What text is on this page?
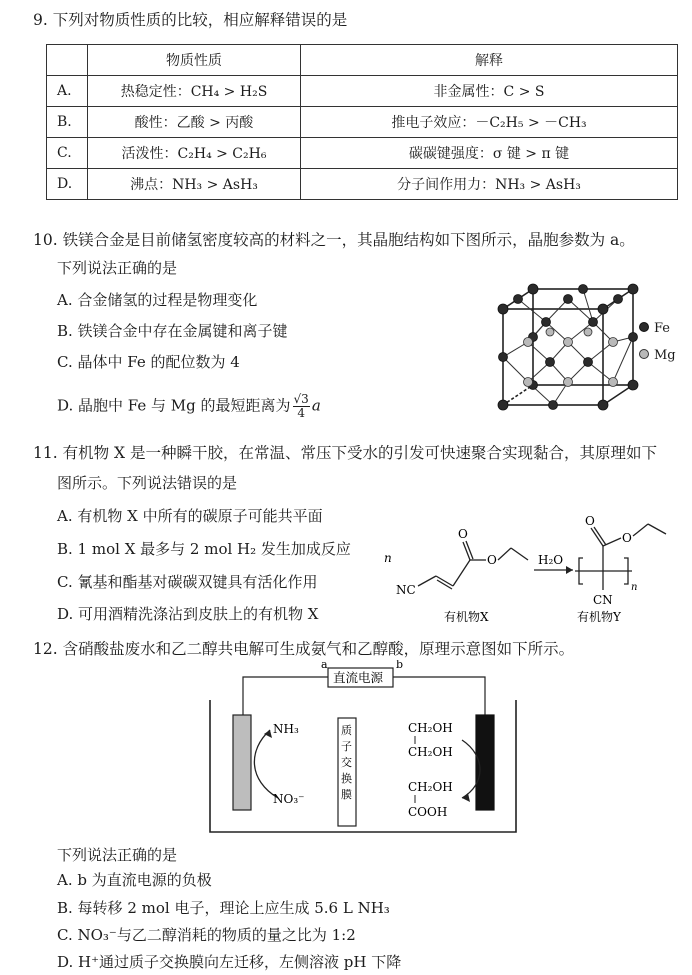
9. 下列对物质性质的比较，相应解释错误的是
	物质性质	解释
A.	热稳定性：CH₄ > H₂S	非金属性：C > S
B.	酸性：乙酸 > 丙酸	推电子效应：－C₂H₅ > －CH₃
C.	活泼性：C₂H₄ > C₂H₆	碳碳键强度：σ 键 > π 键
D.	沸点：NH₃ > AsH₃	分子间作用力：NH₃ > AsH₃
10. 铁镁合金是目前储氢密度较高的材料之一，其晶胞结构如下图所示，晶胞参数为 a。
下列说法正确的是
A. 合金储氢的过程是物理变化
B. 铁镁合金中存在金属键和离子键
C. 晶体中 Fe 的配位数为 4
D. 晶胞中 Fe 与 Mg 的最短距离为 $\frac{√3}{4}$ a
Fe
Mg
11. 有机物 X 是一种瞬干胶，在常温、常压下受水的引发可快速聚合实现黏合，其原理如下
图所示。下列说法错误的是
A. 有机物 X 中所有的碳原子可能共平面
B. 1 mol X 最多与 2 mol H₂ 发生加成反应
C. 氰基和酯基对碳碳双键具有活化作用
D. 可用酒精洗涤沾到皮肤上的有机物 X
n
O
O
NC
有机物X
H₂O
O
O
CN
n
有机物Y
12. 含硝酸盐废水和乙二醇共电解可生成氨气和乙醇酸，原理示意图如下所示。
直流电源
a	b
质
子
交
换
膜
NH₃
NO₃⁻
CH₂OH
CH₂OH
CH₂OH
COOH
下列说法正确的是
A. b 为直流电源的负极
B. 每转移 2 mol 电子，理论上应生成 5.6 L NH₃
C. NO₃⁻与乙二醇消耗的物质的量之比为 1:2
D. H⁺通过质子交换膜向左迁移，左侧溶液 pH 下降
